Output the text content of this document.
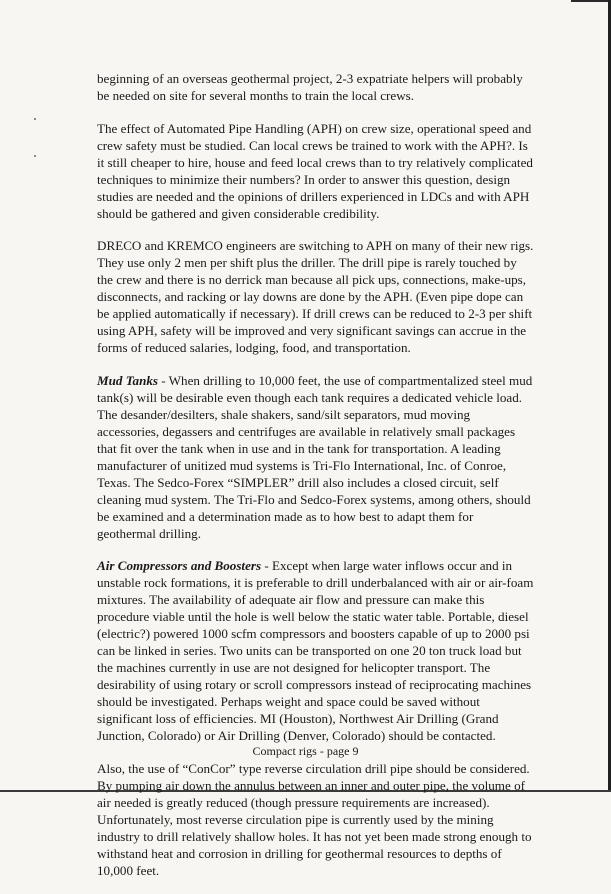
beginning of an overseas geothermal project, 2-3 expatriate helpers will probably be needed on site for several months to train the local crews.

The effect of Automated Pipe Handling (APH) on crew size, operational speed and crew safety must be studied. Can local crews be trained to work with the APH?. Is it still cheaper to hire, house and feed local crews than to try relatively complicated techniques to minimize their numbers? In order to answer this question, design studies are needed and the opinions of drillers experienced in LDCs and with APH should be gathered and given considerable credibility.

DRECO and KREMCO engineers are switching to APH on many of their new rigs. They use only 2 men per shift plus the driller. The drill pipe is rarely touched by the crew and there is no derrick man because all pick ups, connections, make-ups, disconnects, and racking or lay downs are done by the APH. (Even pipe dope can be applied automatically if necessary). If drill crews can be reduced to 2-3 per shift using APH, safety will be improved and very significant savings can accrue in the forms of reduced salaries, lodging, food, and transportation.

Mud Tanks - When drilling to 10,000 feet, the use of compartmentalized steel mud tank(s) will be desirable even though each tank requires a dedicated vehicle load. The desander/desilters, shale shakers, sand/silt separators, mud moving accessories, degassers and centrifuges are available in relatively small packages that fit over the tank when in use and in the tank for transportation. A leading manufacturer of unitized mud systems is Tri-Flo International, Inc. of Conroe, Texas. The Sedco-Forex “SIMPLER” drill also includes a closed circuit, self cleaning mud system. The Tri-Flo and Sedco-Forex systems, among others, should be examined and a determination made as to how best to adapt them for geothermal drilling.

Air Compressors and Boosters - Except when large water inflows occur and in unstable rock formations, it is preferable to drill underbalanced with air or air-foam mixtures. The availability of adequate air flow and pressure can make this procedure viable until the hole is well below the static water table. Portable, diesel (electric?) powered 1000 scfm compressors and boosters capable of up to 2000 psi can be linked in series. Two units can be transported on one 20 ton truck load but the machines currently in use are not designed for helicopter transport. The desirability of using rotary or scroll compressors instead of reciprocating machines should be investigated. Perhaps weight and space could be saved without significant loss of efficiencies. MI (Houston), Northwest Air Drilling (Grand Junction, Colorado) or Air Drilling (Denver, Colorado) should be contacted.

Also, the use of “ConCor” type reverse circulation drill pipe should be considered. By pumping air down the annulus between an inner and outer pipe, the volume of air needed is greatly reduced (though pressure requirements are increased). Unfortunately, most reverse circulation pipe is currently used by the mining industry to drill relatively shallow holes. It has not yet been made strong enough to withstand heat and corrosion in drilling for geothermal resources to depths of 10,000 feet.

Compact rigs - page 9
